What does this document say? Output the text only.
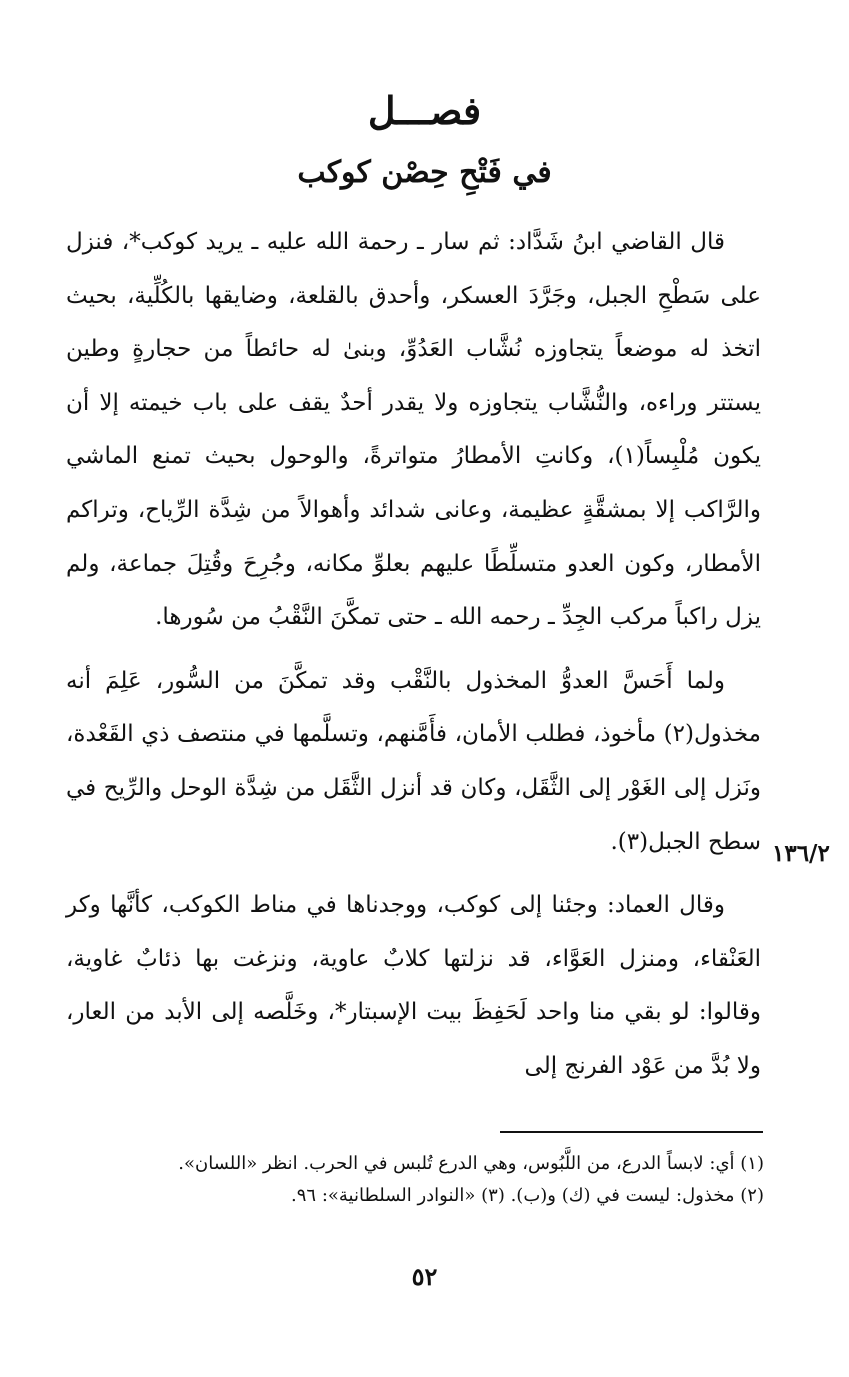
فصـــل
في فَتْحِ حِصْن كوكب

قال القاضي ابنُ شَدَّاد: ثم سار ـ رحمة الله عليه ـ يريد كوكب*، فنزل على سَطْحِ الجبل، وجَرَّدَ العسكر، وأحدق بالقلعة، وضايقها بالكُلِّية، بحيث اتخذ له موضعاً يتجاوزه نُشَّاب العَدُوِّ، وبنىٰ له حائطاً من حجارةٍ وطين يستتر وراءه، والنُّشَّاب يتجاوزه ولا يقدر أحدٌ يقف على باب خيمته إلا أن يكون مُلْبِساً(١)، وكانتِ الأمطارُ متواترةً، والوحول بحيث تمنع الماشي والرَّاكب إلا بمشقَّةٍ عظيمة، وعانى شدائد وأهوالاً من شِدَّة الرِّياح، وتراكم الأمطار، وكون العدو متسلِّطًا عليهم بعلوِّ مكانه، وجُرِحَ وقُتِلَ جماعة، ولم يزل راكباً مركب الجِدِّ ـ رحمه الله ـ حتى تمكَّنَ النَّقْبُ من سُورها.

ولما أَحَسَّ العدوُّ المخذول بالنَّقْب وقد تمكَّنَ من السُّور، عَلِمَ أنه مخذول(٢) مأخوذ، فطلب الأمان، فأَمَّنهم، وتسلَّمها في منتصف ذي القَعْدة، ونَزل إلى الغَوْر إلى الثَّقَل، وكان قد أنزل الثَّقَل من شِدَّة الوحل والرِّيح في سطح الجبل(٣).

وقال العماد: وجئنا إلى كوكب، ووجدناها في مناط الكوكب، كأنَّها وكر العَنْقاء، ومنزل العَوَّاء، قد نزلتها كلابٌ عاوية، ونزغت بها ذئابٌ غاوية، وقالوا: لو بقي منا واحد لَحَفِظَ بيت الإسبتار*، وخَلَّصه إلى الأبد من العار، ولا بُدَّ من عَوْد الفرنج إلى

١٣٦/٢

(١) أي: لابساً الدرع، من اللَّبُوس، وهي الدرع تُلبس في الحرب. انظر «اللسان».

(٢) مخذول: ليست في (ك) و(ب). (٣) «النوادر السلطانية»: ٩٦.

٥٢
